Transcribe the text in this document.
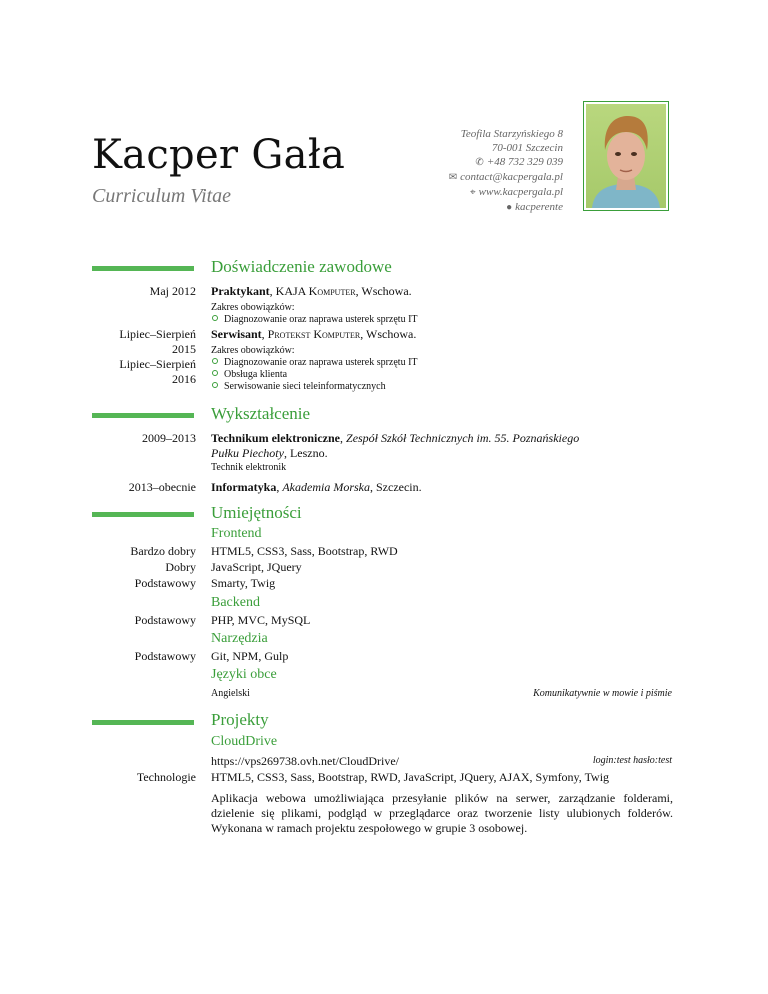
Kacper Gała
Curriculum Vitae
Teofila Starzyńskiego 8
70-001 Szczecin
✆ +48 732 329 039
✉ contact@kacpergala.pl
⌖ www.kacpergala.pl
● kacperente
Doświadczenie zawodowe
Maj 2012 Praktykant, KAJA Komputer, Wschowa.
Zakres obowiązków:
Diagnozowanie oraz naprawa usterek sprzętu IT
Lipiec–Sierpień
2015
Lipiec–Sierpień
2016
Serwisant, Protekst Komputer, Wschowa.
Zakres obowiązków:
Diagnozowanie oraz naprawa usterek sprzętu IT
Obsługa klienta
Serwisowanie sieci teleinformatycznych
Wykształcenie
2009–2013 Technikum elektroniczne, Zespół Szkół Technicznych im. 55. Poznańskiego
Pułku Piechoty, Leszno.
Technik elektronik
2013–obecnie Informatyka, Akademia Morska, Szczecin.
Umiejętności
Frontend
Bardzo dobry HTML5, CSS3, Sass, Bootstrap, RWD
Dobry JavaScript, JQuery
Podstawowy Smarty, Twig
Backend
Podstawowy PHP, MVC, MySQL
Narzędzia
Podstawowy Git, NPM, Gulp
Języki obce
Angielski	Komunikatywnie w mowie i piśmie
Projekty
CloudDrive
https://vps269738.ovh.net/CloudDrive/	login:test hasło:test
Technologie HTML5, CSS3, Sass, Bootstrap, RWD, JavaScript, JQuery, AJAX, Symfony, Twig
Aplikacja webowa umożliwiająca przesyłanie plików na serwer, zarządzanie folderami, dzielenie się plikami, podgląd w przeglądarce oraz tworzenie listy ulubionych folderów. Wykonana w ramach projektu zespołowego w grupie 3 osobowej.
